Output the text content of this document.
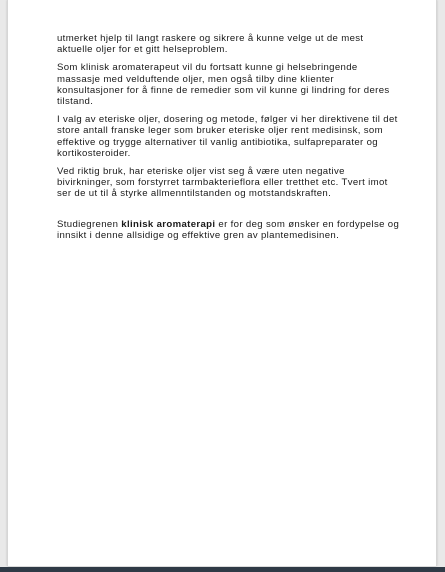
utmerket hjelp til langt raskere og sikrere å kunne velge ut de mest aktuelle oljer for et gitt helseproblem.

Som klinisk aromaterapeut vil du fortsatt kunne gi helsebringende massasje med velduftende oljer, men også tilby dine klienter konsultasjoner for å finne de remedier som vil kunne gi lindring for deres tilstand.

I valg av eteriske oljer, dosering og metode, følger vi her direktivene til det store antall franske leger som bruker eteriske oljer rent medisinsk, som effektive og trygge alternativer til vanlig antibiotika, sulfapreparater og kortikosteroider.

Ved riktig bruk, har eteriske oljer vist seg å være uten negative bivirkninger, som forstyrret tarmbakterieflora eller tretthet etc. Tvert imot ser de ut til å styrke allmenntilstanden og motstandskraften.

Studiegrenen klinisk aromaterapi er for deg som ønsker en fordypelse og innsikt i denne allsidige og effektive gren av plantemedisinen.
